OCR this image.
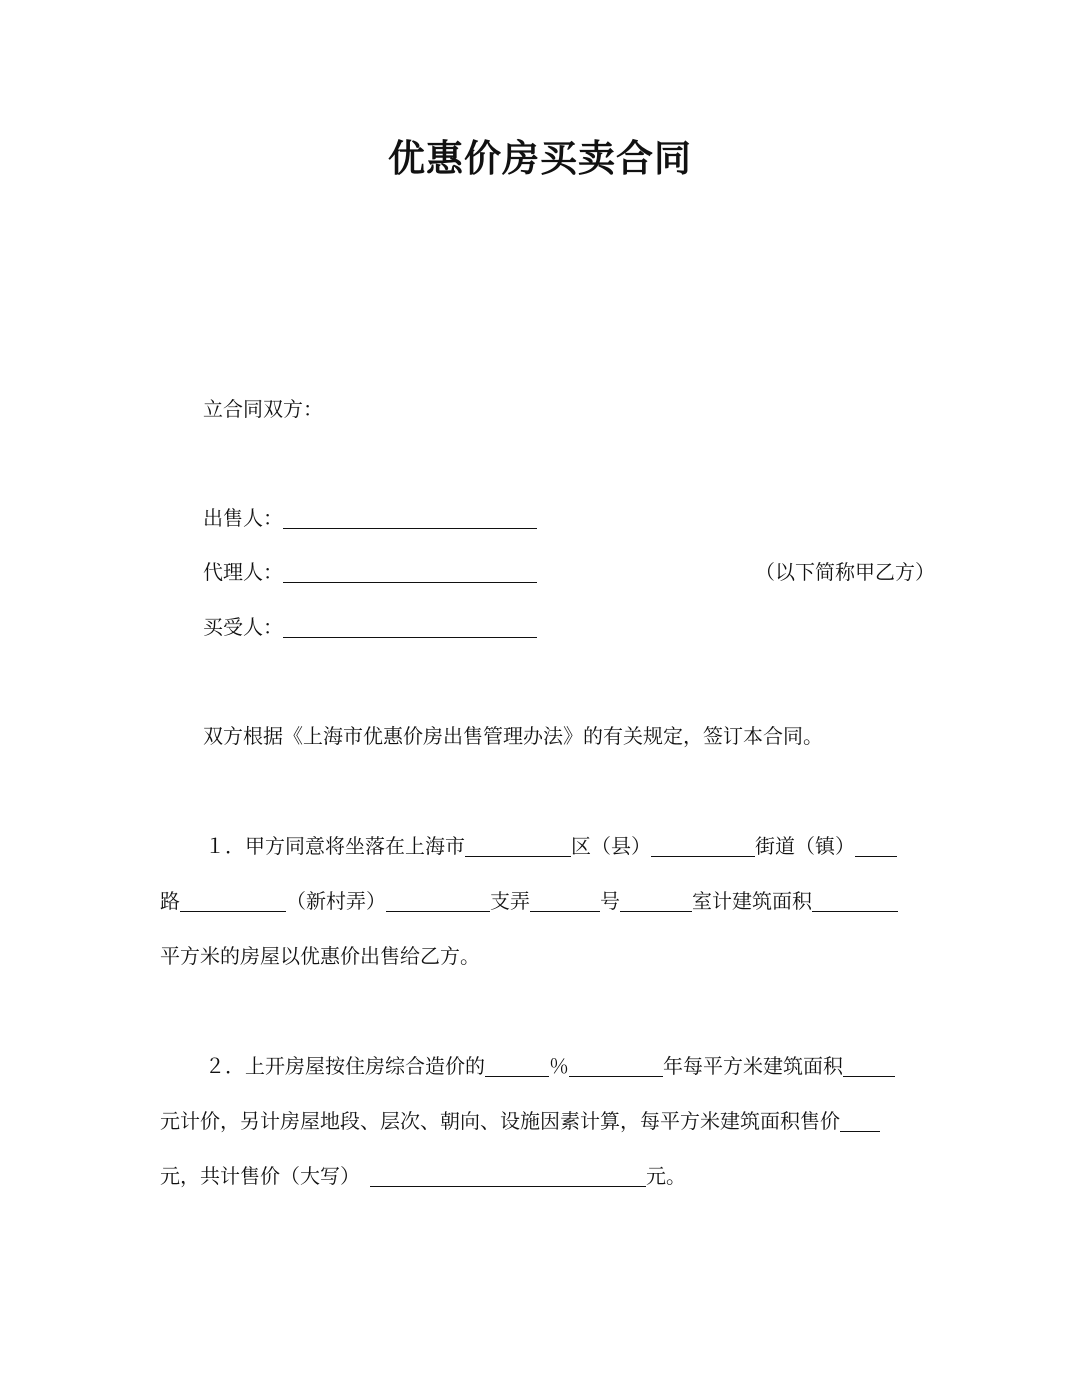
优惠价房买卖合同
立合同双方：
出售人：
代理人：	（以下简称甲乙方）
买受人：
双方根据《上海市优惠价房出售管理办法》的有关规定，签订本合同。
１．甲方同意将坐落在上海市	区（县）	街道（镇）
路	（新村弄）	支弄	号	室计建筑面积
平方米的房屋以优惠价出售给乙方。
２．上开房屋按住房综合造价的	％	年每平方米建筑面积
元计价，另计房屋地段、层次、朝向、设施因素计算，每平方米建筑面积售价
元，共计售价（大写）	元。
